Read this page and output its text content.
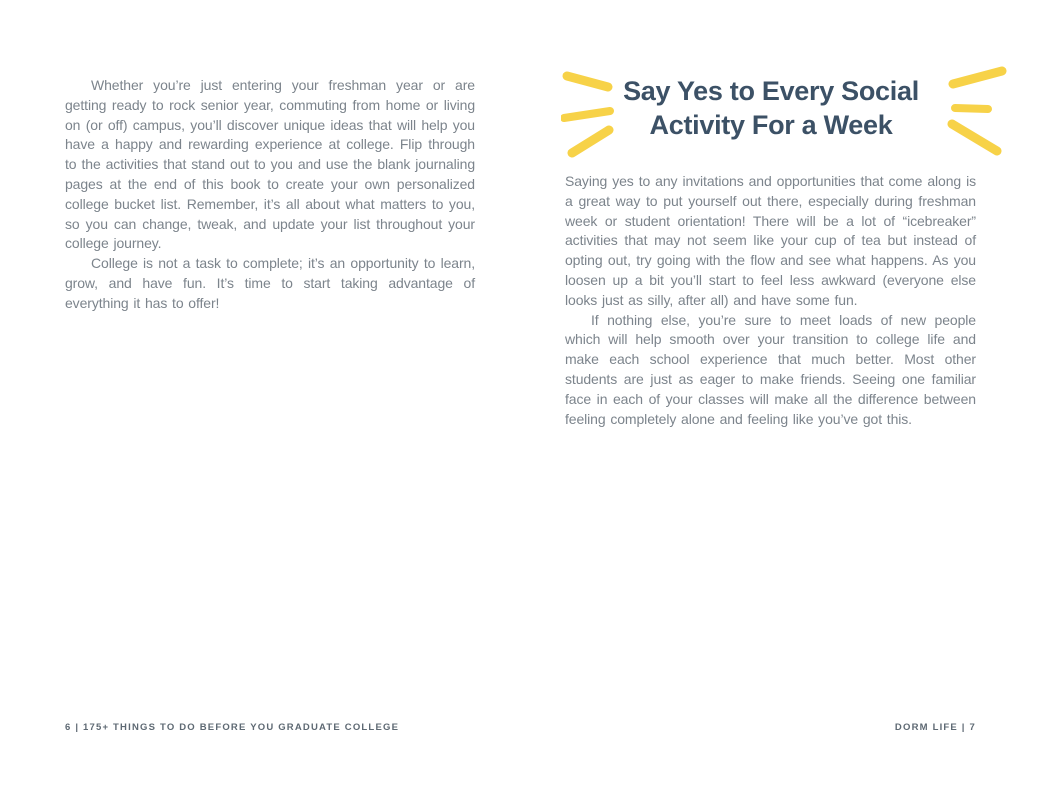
Whether you’re just entering your freshman year or are getting ready to rock senior year, commuting from home or living on (or off) campus, you’ll discover unique ideas that will help you have a happy and rewarding experience at college. Flip through to the activities that stand out to you and use the blank journaling pages at the end of this book to create your own personalized college bucket list. Remember, it’s all about what matters to you, so you can change, tweak, and update your list throughout your college journey.

College is not a task to complete; it’s an opportunity to learn, grow, and have fun. It’s time to start taking advantage of everything it has to offer!

6 | 175+ THINGS TO DO BEFORE YOU GRADUATE COLLEGE
Say Yes to Every Social
Activity For a Week

Saying yes to any invitations and opportunities that come along is a great way to put yourself out there, especially during freshman week or student orientation! There will be a lot of “icebreaker” activities that may not seem like your cup of tea but instead of opting out, try going with the flow and see what happens. As you loosen up a bit you’ll start to feel less awkward (everyone else looks just as silly, after all) and have some fun.

If nothing else, you’re sure to meet loads of new people which will help smooth over your transition to college life and make each school experience that much better. Most other students are just as eager to make friends. Seeing one familiar face in each of your classes will make all the difference between feeling completely alone and feeling like you’ve got this.

DORM LIFE | 7
